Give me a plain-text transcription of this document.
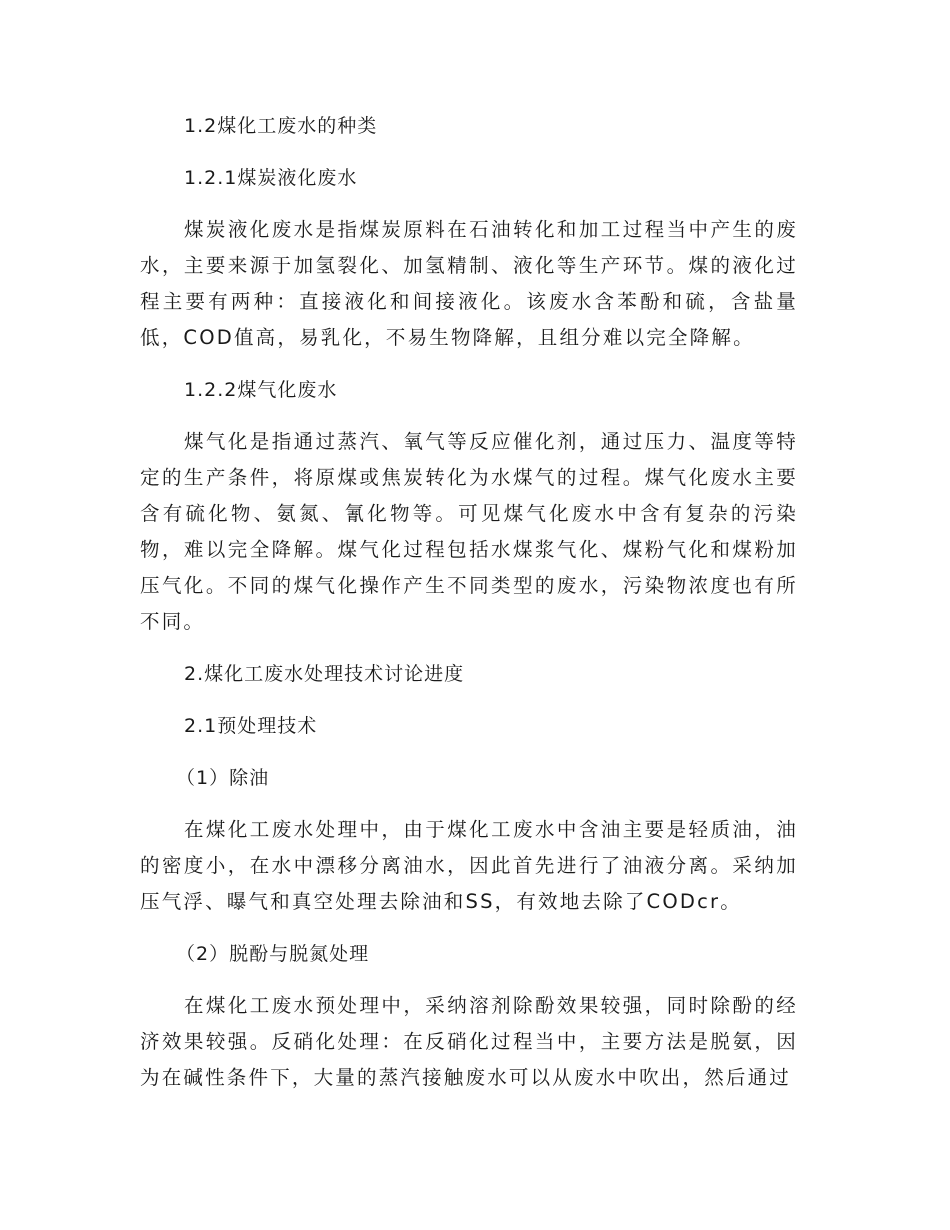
1.2煤化工废水的种类
1.2.1煤炭液化废水

煤炭液化废水是指煤炭原料在石油转化和加工过程当中产生的废水，主要来源于加氢裂化、加氢精制、液化等生产环节。煤的液化过程主要有两种：直接液化和间接液化。该废水含苯酚和硫，含盐量低，COD值高，易乳化，不易生物降解，且组分难以完全降解。

1.2.2煤气化废水

煤气化是指通过蒸汽、氧气等反应催化剂，通过压力、温度等特定的生产条件，将原煤或焦炭转化为水煤气的过程。煤气化废水主要含有硫化物、氨氮、氰化物等。可见煤气化废水中含有复杂的污染物，难以完全降解。煤气化过程包括水煤浆气化、煤粉气化和煤粉加压气化。不同的煤气化操作产生不同类型的废水，污染物浓度也有所不同。

2.煤化工废水处理技术讨论进度
2.1预处理技术
（1）除油

在煤化工废水处理中，由于煤化工废水中含油主要是轻质油，油的密度小，在水中漂移分离油水，因此首先进行了油液分离。采纳加压气浮、曝气和真空处理去除油和SS，有效地去除了CODcr。

（2）脱酚与脱氮处理

在煤化工废水预处理中，采纳溶剂除酚效果较强，同时除酚的经济效果较强。反硝化处理：在反硝化过程当中，主要方法是脱氨，因为在碱性条件下，大量的蒸汽接触废水可以从废水中吹出，然后通过
